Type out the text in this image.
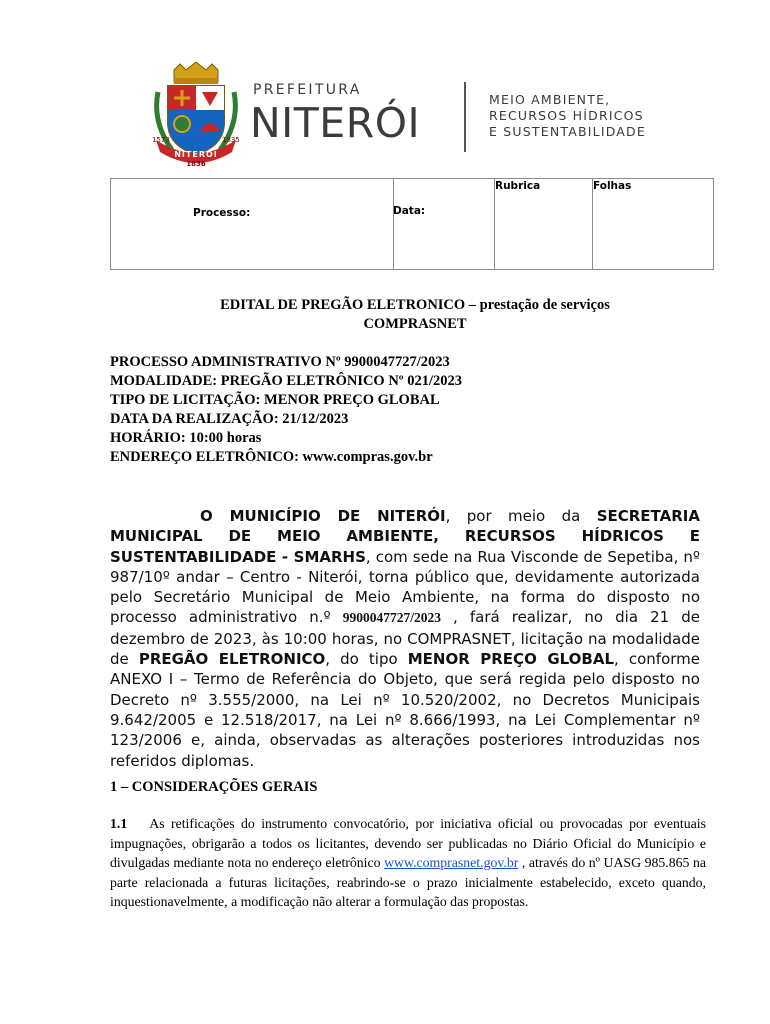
NITERÓI
1573	1835
1836
PREFEITURA
NITERÓI	MEIO AMBIENTE,
RECURSOS HÍDRICOS
E SUSTENTABILIDADE
Processo:	Data:
Rubrica	Folhas
EDITAL DE PREGÃO ELETRONICO – prestação de serviços
COMPRASNET
PROCESSO ADMINISTRATIVO Nº 9900047727/2023
MODALIDADE: PREGÃO ELETRÔNICO Nº 021/2023
TIPO DE LICITAÇÃO: MENOR PREÇO GLOBAL
DATA DA REALIZAÇÃO: 21/12/2023
HORÁRIO: 10:00 horas
ENDEREÇO ELETRÔNICO: www.compras.gov.br
O MUNICÍPIO DE NITERÓI, por meio da SECRETARIA MUNICIPAL DE MEIO AMBIENTE, RECURSOS HÍDRICOS E SUSTENTABILIDADE - SMARHS, com sede na Rua Visconde de Sepetiba, nº 987/10º andar – Centro - Niterói, torna público que, devidamente autorizada pelo Secretário Municipal de Meio Ambiente, na forma do disposto no processo administrativo n.º 9900047727/2023 , fará realizar, no dia 21 de dezembro de 2023, às 10:00 horas, no COMPRASNET, licitação na modalidade de PREGÃO ELETRONICO, do tipo MENOR PREÇO GLOBAL, conforme ANEXO I – Termo de Referência do Objeto, que será regida pelo disposto no Decreto nº 3.555/2000, na Lei nº 10.520/2002, no Decretos Municipais 9.642/2005 e 12.518/2017, na Lei nº 8.666/1993, na Lei Complementar nº 123/2006 e, ainda, observadas as alterações posteriores introduzidas nos referidos diplomas.
1 – CONSIDERAÇÕES GERAIS
1.1 As retificações do instrumento convocatório, por iniciativa oficial ou provocadas por eventuais impugnações, obrigarão a todos os licitantes, devendo ser publicadas no Diário Oficial do Município e divulgadas mediante nota no endereço eletrônico www.comprasnet.gov.br , através do nº UASG 985.865 na parte relacionada a futuras licitações, reabrindo-se o prazo inicialmente estabelecido, exceto quando, inquestionavelmente, a modificação não alterar a formulação das propostas.
